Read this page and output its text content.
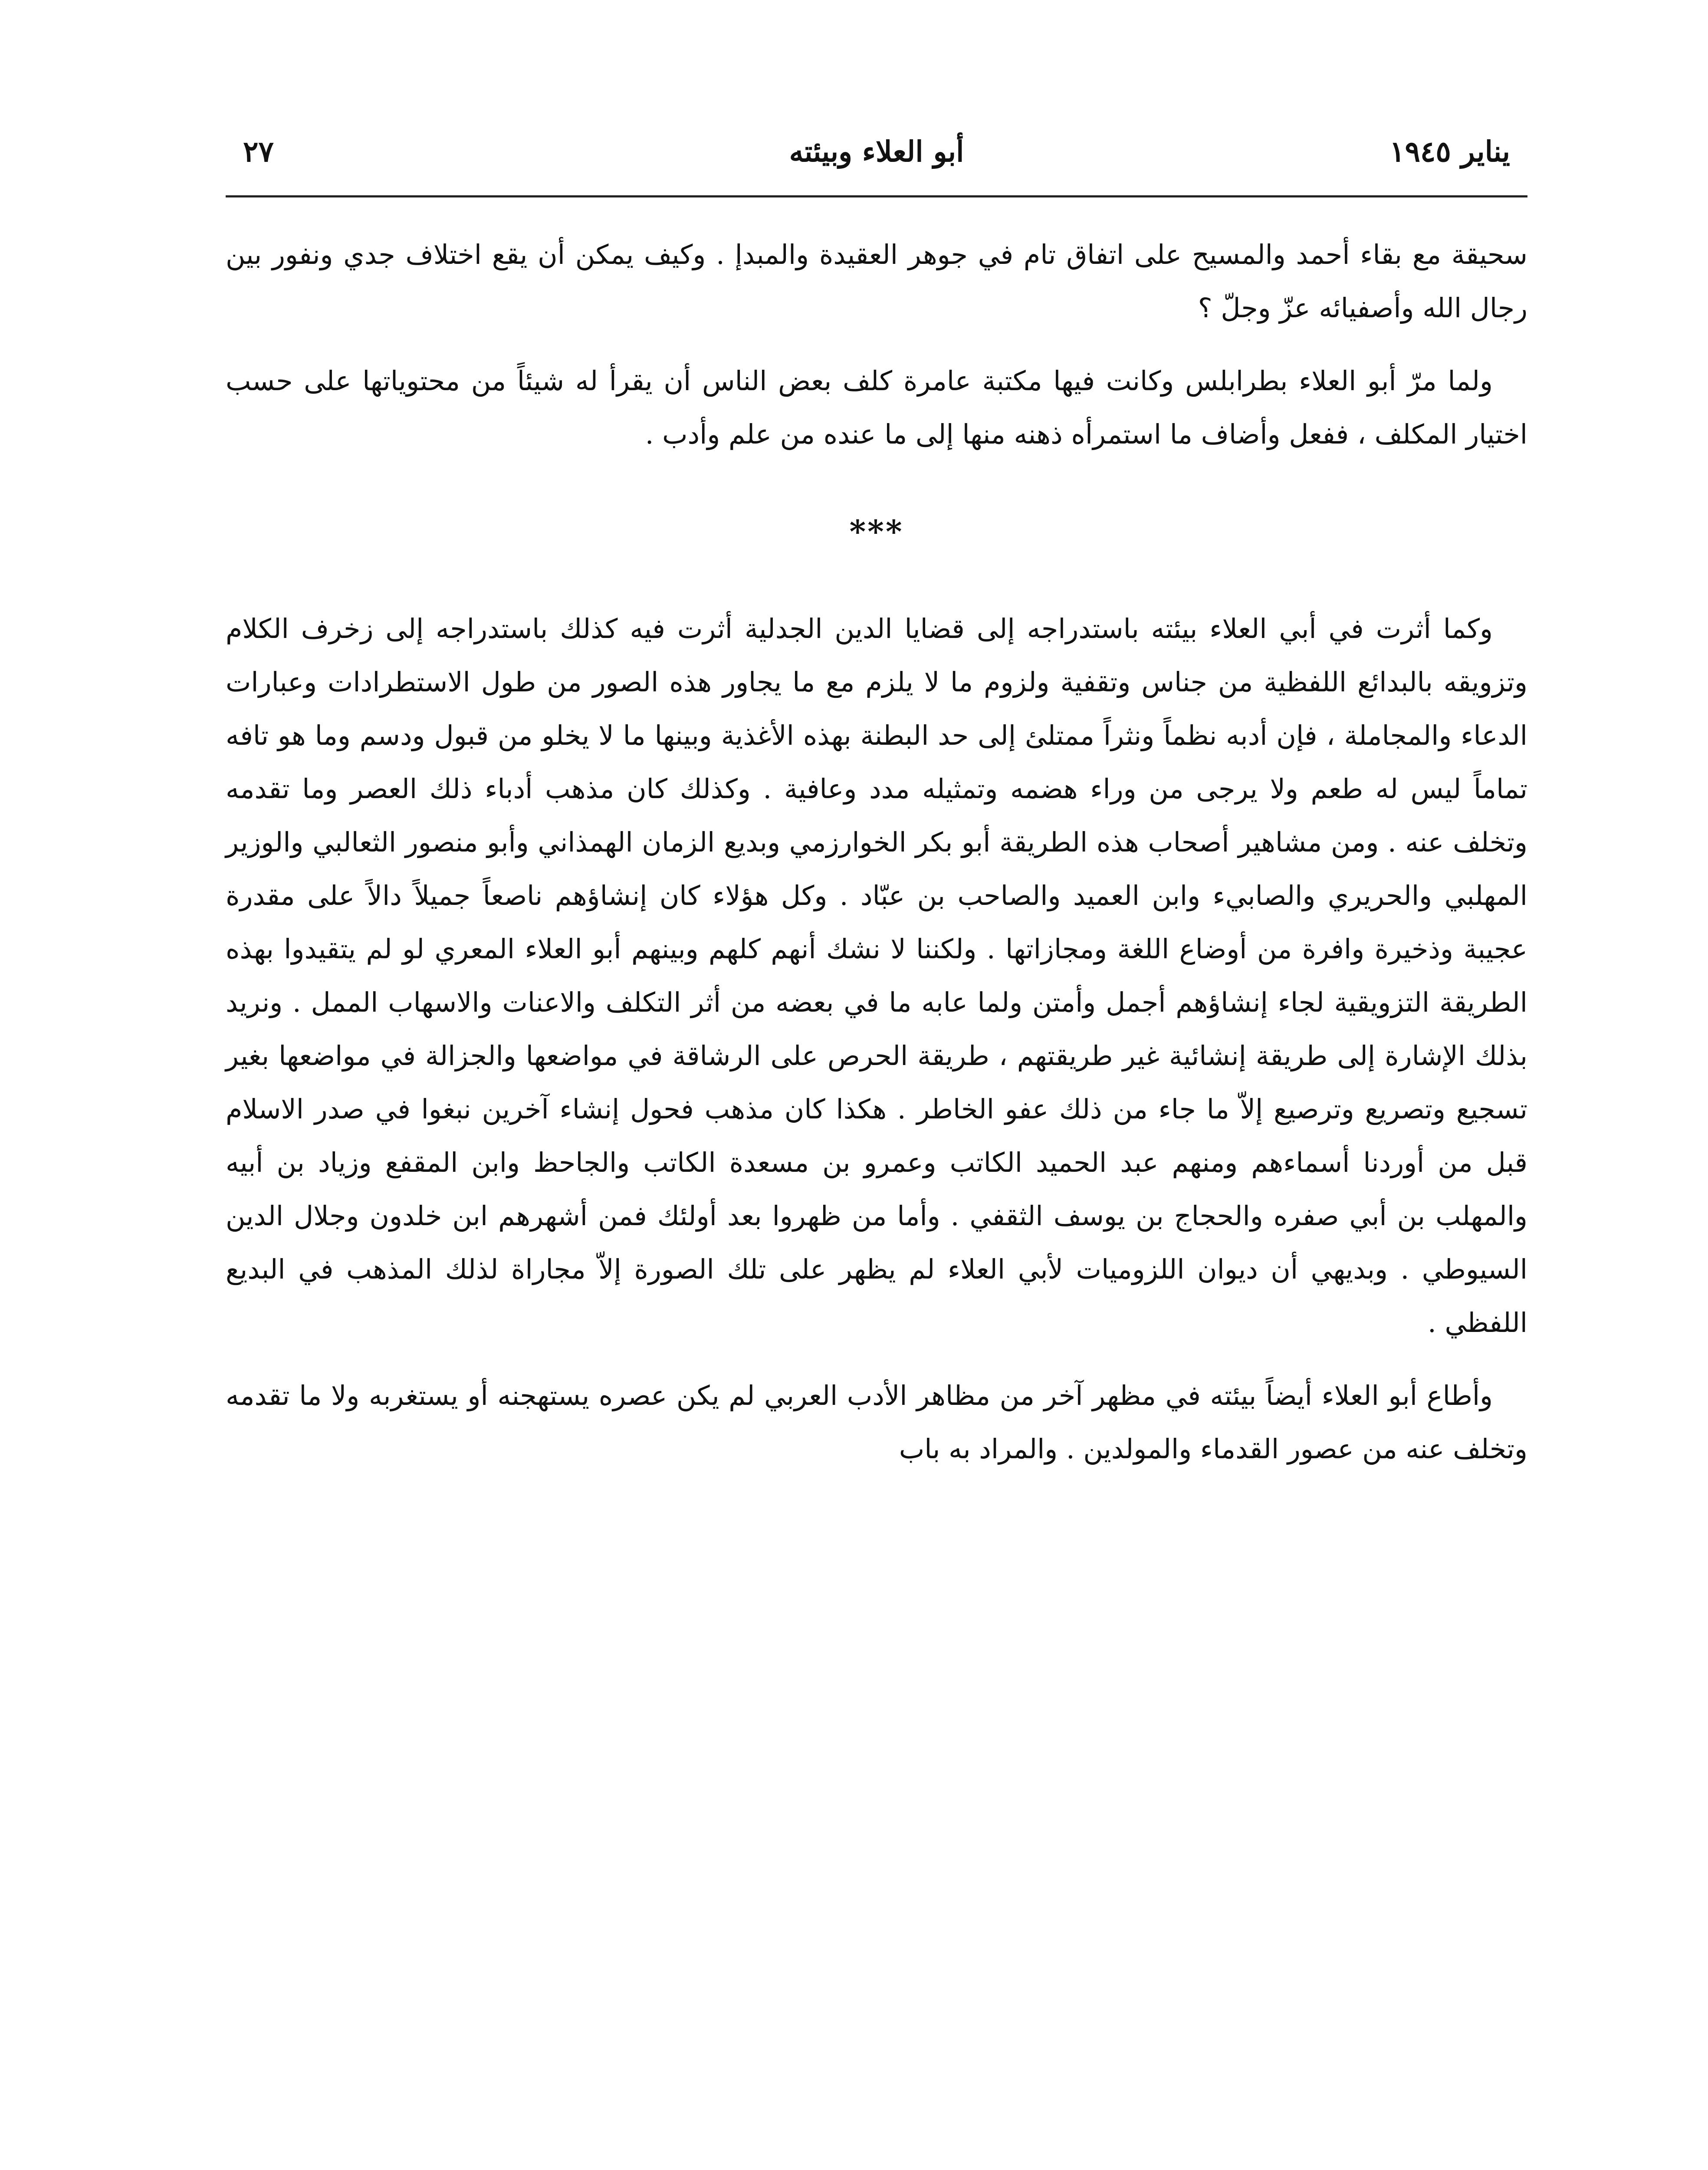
يناير ١٩٤٥
أبو العلاء وبيئته
٢٧

سحيقة مع بقاء أحمد والمسيح على اتفاق تام في جوهر العقيدة والمبدإ . وكيف يمكن أن يقع اختلاف جدي ونفور بين رجال الله وأصفيائه عزّ وجلّ ؟

ولما مرّ أبو العلاء بطرابلس وكانت فيها مكتبة عامرة كلف بعض الناس أن يقرأ له شيئاً من محتوياتها على حسب اختيار المكلف ، ففعل وأضاف ما استمرأه ذهنه منها إلى ما عنده من علم وأدب .

***

وكما أثرت في أبي العلاء بيئته باستدراجه إلى قضايا الدين الجدلية أثرت فيه كذلك باستدراجه إلى زخرف الكلام وتزويقه بالبدائع اللفظية من جناس وتقفية ولزوم ما لا يلزم مع ما يجاور هذه الصور من طول الاستطرادات وعبارات الدعاء والمجاملة ، فإن أدبه نظماً ونثراً ممتلئ إلى حد البطنة بهذه الأغذية وبينها ما لا يخلو من قبول ودسم وما هو تافه تماماً ليس له طعم ولا يرجى من وراء هضمه وتمثيله مدد وعافية . وكذلك كان مذهب أدباء ذلك العصر وما تقدمه وتخلف عنه . ومن مشاهير أصحاب هذه الطريقة أبو بكر الخوارزمي وبديع الزمان الهمذاني وأبو منصور الثعالبي والوزير المهلبي والحريري والصابيء وابن العميد والصاحب بن عبّاد . وكل هؤلاء كان إنشاؤهم ناصعاً جميلاً دالاً على مقدرة عجيبة وذخيرة وافرة من أوضاع اللغة ومجازاتها . ولكننا لا نشك أنهم كلهم وبينهم أبو العلاء المعري لو لم يتقيدوا بهذه الطريقة التزويقية لجاء إنشاؤهم أجمل وأمتن ولما عابه ما في بعضه من أثر التكلف والاعنات والاسهاب الممل . ونريد بذلك الإشارة إلى طريقة إنشائية غير طريقتهم ، طريقة الحرص على الرشاقة في مواضعها والجزالة في مواضعها بغير تسجيع وتصريع وترصيع إلاّ ما جاء من ذلك عفو الخاطر . هكذا كان مذهب فحول إنشاء آخرين نبغوا في صدر الاسلام قبل من أوردنا أسماءهم ومنهم عبد الحميد الكاتب وعمرو بن مسعدة الكاتب والجاحظ وابن المقفع وزياد بن أبيه والمهلب بن أبي صفره والحجاج بن يوسف الثقفي . وأما من ظهروا بعد أولئك فمن أشهرهم ابن خلدون وجلال الدين السيوطي . وبديهي أن ديوان اللزوميات لأبي العلاء لم يظهر على تلك الصورة إلاّ مجاراة لذلك المذهب في البديع اللفظي .

وأطاع أبو العلاء أيضاً بيئته في مظهر آخر من مظاهر الأدب العربي لم يكن عصره يستهجنه أو يستغربه ولا ما تقدمه وتخلف عنه من عصور القدماء والمولدين . والمراد به باب
